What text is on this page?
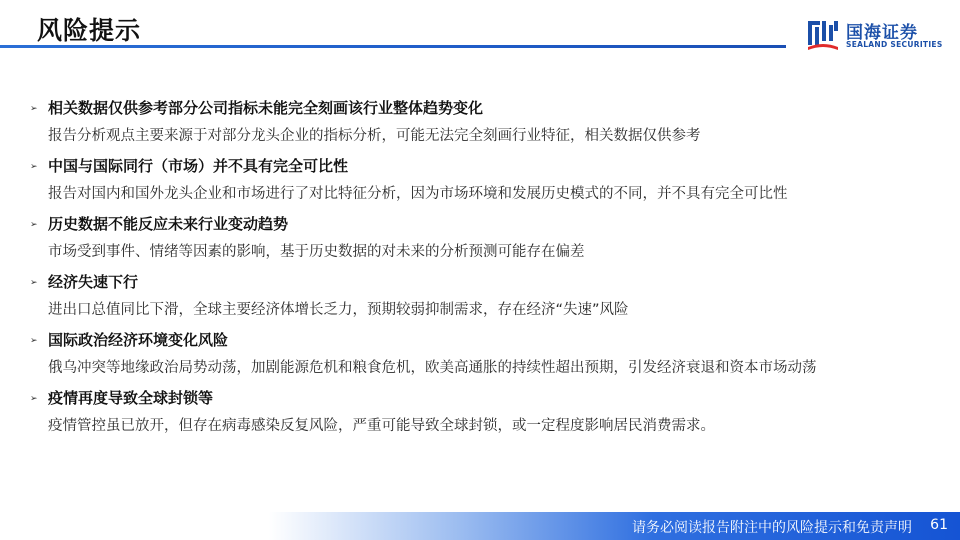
风险提示	国海证券
SEALAND SECURITIES
➢ 相关数据仅供参考部分公司指标未能完全刻画该行业整体趋势变化
报告分析观点主要来源于对部分龙头企业的指标分析，可能无法完全刻画行业特征，相关数据仅供参考
➢ 中国与国际同行（市场）并不具有完全可比性
报告对国内和国外龙头企业和市场进行了对比特征分析，因为市场环境和发展历史模式的不同，并不具有完全可比性
➢ 历史数据不能反应未来行业变动趋势
市场受到事件、情绪等因素的影响，基于历史数据的对未来的分析预测可能存在偏差
➢ 经济失速下行
进出口总值同比下滑，全球主要经济体增长乏力，预期较弱抑制需求，存在经济“失速”风险
➢ 国际政治经济环境变化风险
俄乌冲突等地缘政治局势动荡，加剧能源危机和粮食危机，欧美高通胀的持续性超出预期，引发经济衰退和资本市场动荡
➢ 疫情再度导致全球封锁等
疫情管控虽已放开，但存在病毒感染反复风险，严重可能导致全球封锁，或一定程度影响居民消费需求。
请务必阅读报告附注中的风险提示和免责声明 61
